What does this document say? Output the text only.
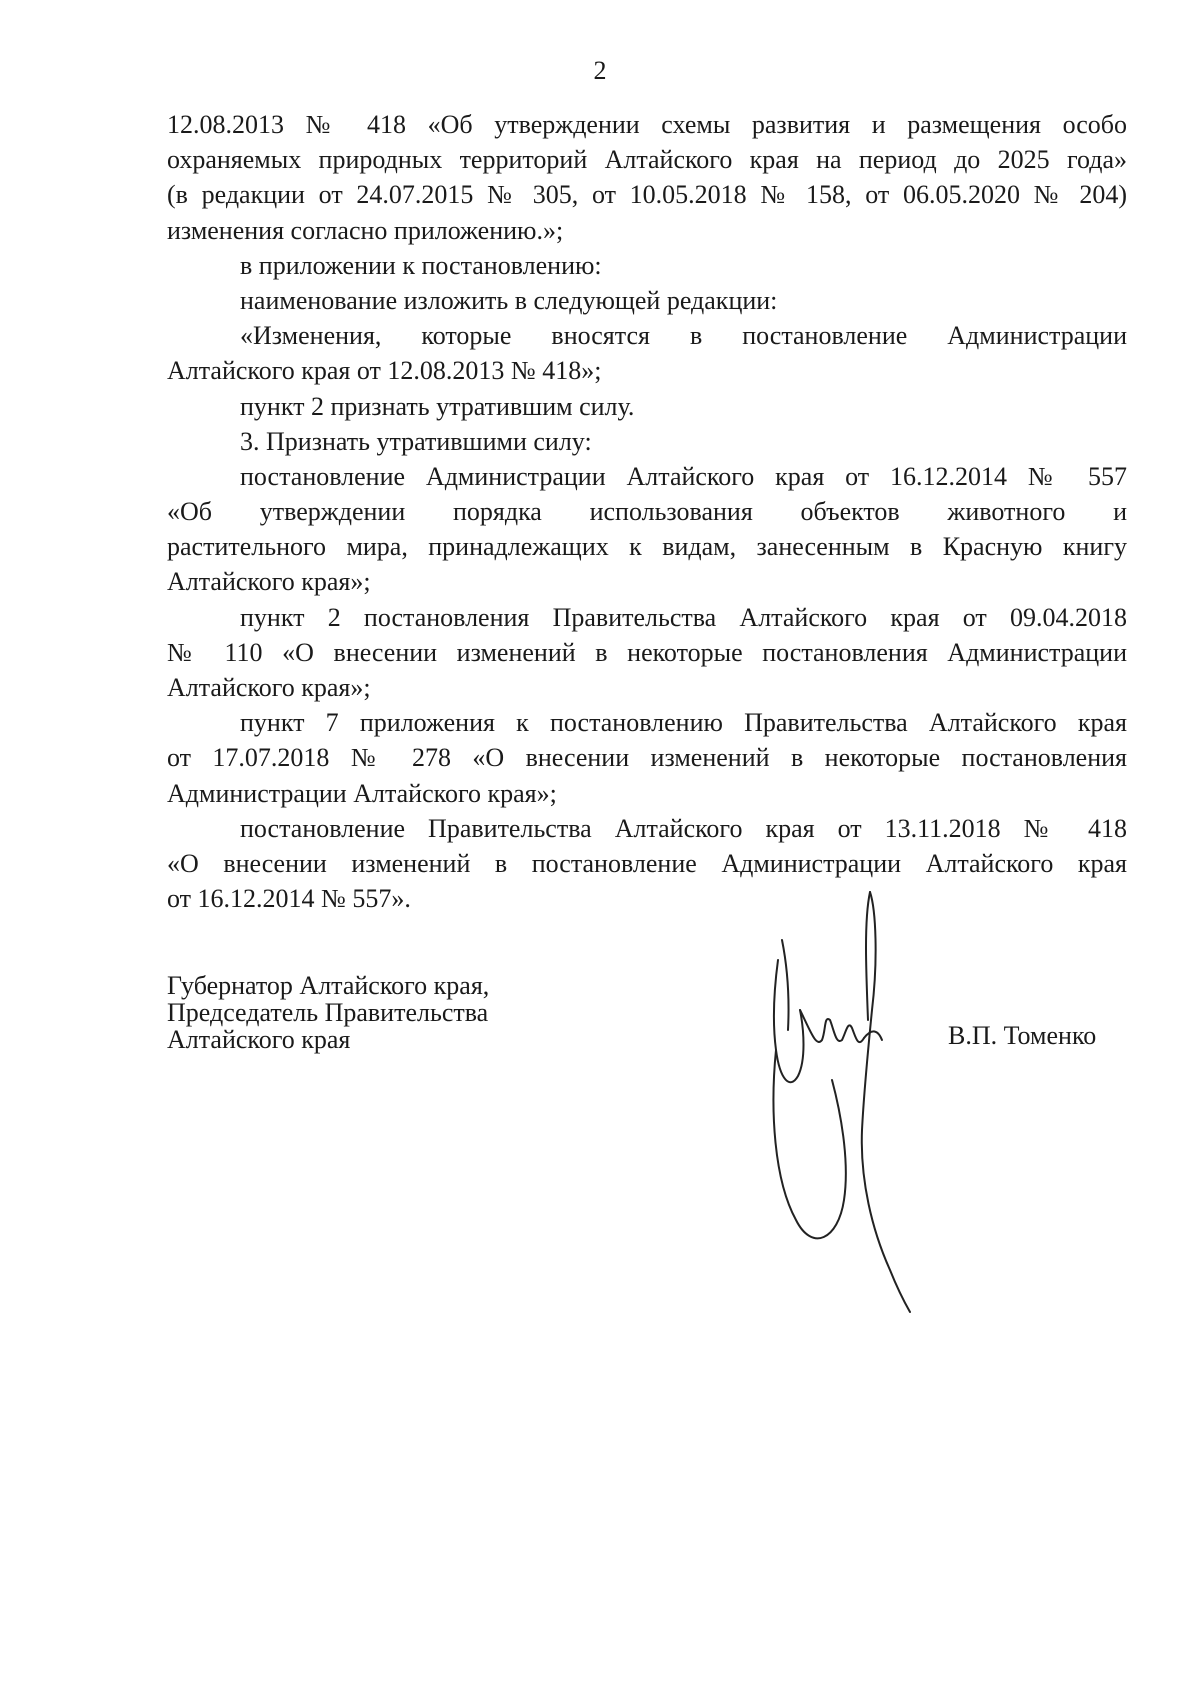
2
12.08.2013 № 418 «Об утверждении схемы развития и размещения особо
охраняемых природных территорий Алтайского края на период до 2025 года»
(в редакции от 24.07.2015 № 305, от 10.05.2018 № 158, от 06.05.2020 № 204)
изменения согласно приложению.»;
в приложении к постановлению:
наименование изложить в следующей редакции:
«Изменения, которые вносятся в постановление Администрации
Алтайского края от 12.08.2013 № 418»;
пункт 2 признать утратившим силу.
3. Признать утратившими силу:
постановление Администрации Алтайского края от 16.12.2014 № 557
«Об утверждении порядка использования объектов животного и
растительного мира, принадлежащих к видам, занесенным в Красную книгу
Алтайского края»;
пункт 2 постановления Правительства Алтайского края от 09.04.2018
№ 110 «О внесении изменений в некоторые постановления Администрации
Алтайского края»;
пункт 7 приложения к постановлению Правительства Алтайского края
от 17.07.2018 № 278 «О внесении изменений в некоторые постановления
Администрации Алтайского края»;
постановление Правительства Алтайского края от 13.11.2018 № 418
«О внесении изменений в постановление Администрации Алтайского края
от 16.12.2014 № 557».
Губернатор Алтайского края,
Председатель Правительства
Алтайского края	В.П. Томенко
